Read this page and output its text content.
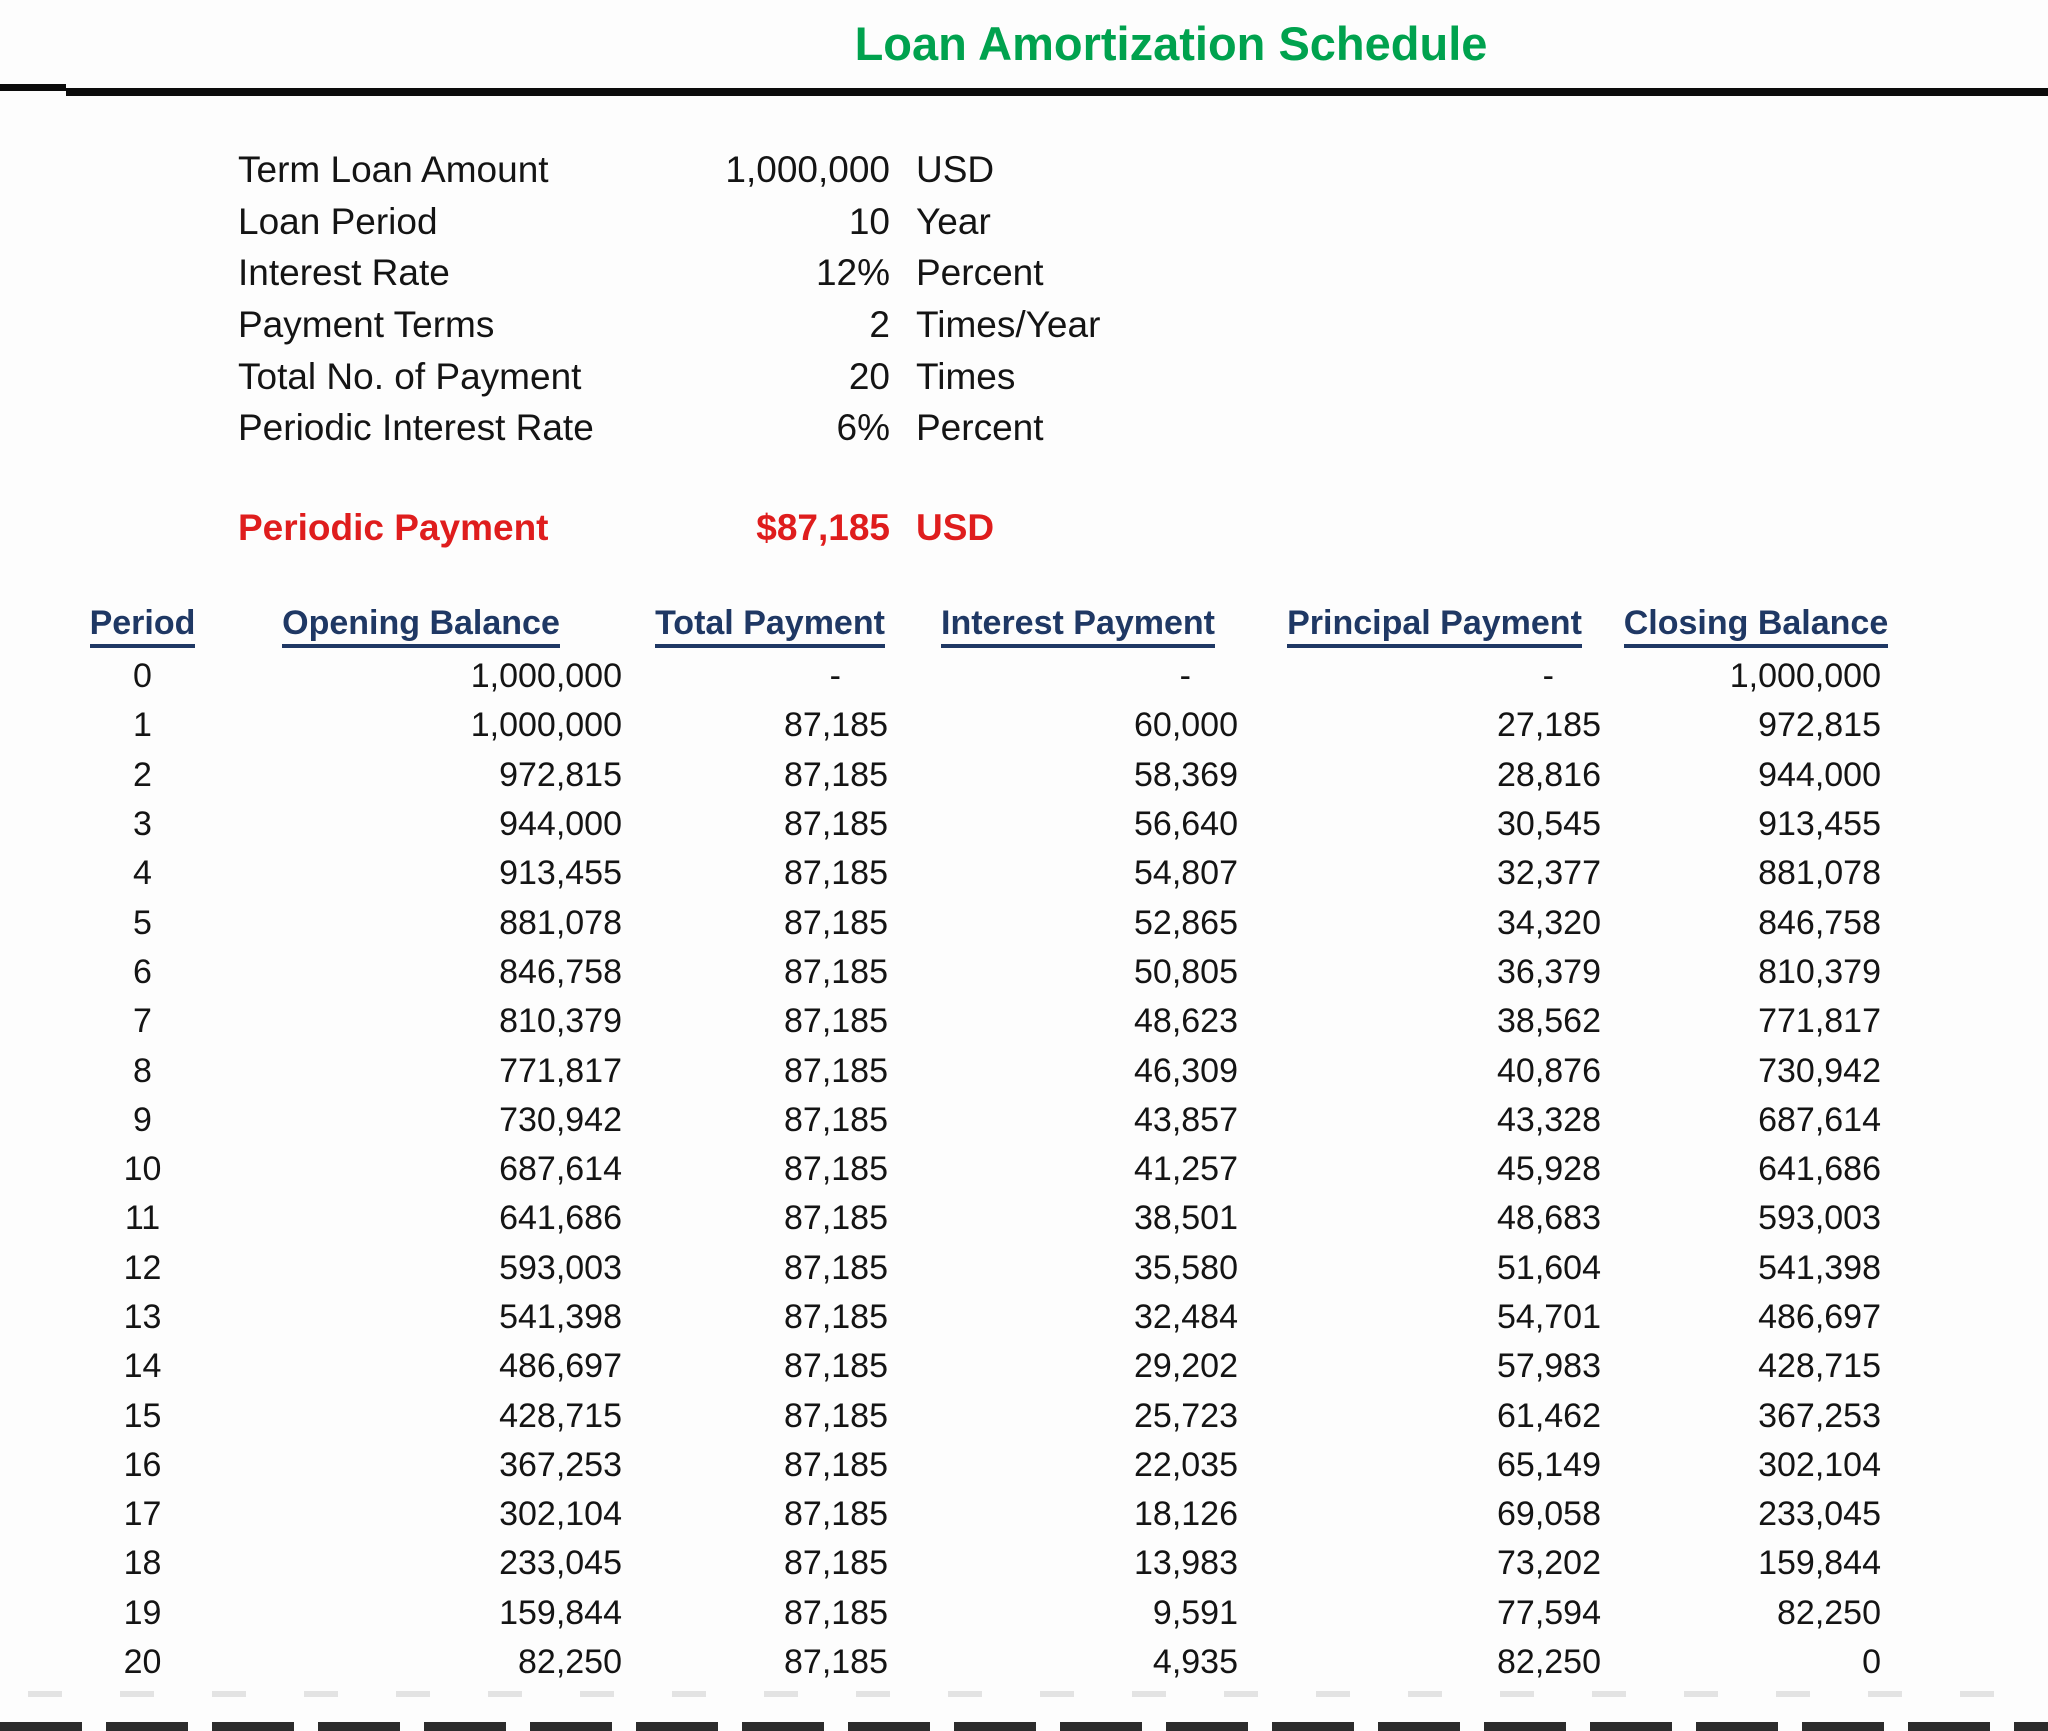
Loan Amortization Schedule
Term Loan Amount	1,000,000 USD
Loan Period	10 Year
Interest Rate	12% Percent
Payment Terms	2 Times/Year
Total No. of Payment	20 Times
Periodic Interest Rate	6% Percent
Periodic Payment	$87,185 USD
Period	Opening Balance	Total Payment	Interest Payment	Principal Payment	Closing Balance
0	1,000,000	-	-	-	1,000,000
1	1,000,000	87,185	60,000	27,185	972,815
2	972,815	87,185	58,369	28,816	944,000
3	944,000	87,185	56,640	30,545	913,455
4	913,455	87,185	54,807	32,377	881,078
5	881,078	87,185	52,865	34,320	846,758
6	846,758	87,185	50,805	36,379	810,379
7	810,379	87,185	48,623	38,562	771,817
8	771,817	87,185	46,309	40,876	730,942
9	730,942	87,185	43,857	43,328	687,614
10	687,614	87,185	41,257	45,928	641,686
11	641,686	87,185	38,501	48,683	593,003
12	593,003	87,185	35,580	51,604	541,398
13	541,398	87,185	32,484	54,701	486,697
14	486,697	87,185	29,202	57,983	428,715
15	428,715	87,185	25,723	61,462	367,253
16	367,253	87,185	22,035	65,149	302,104
17	302,104	87,185	18,126	69,058	233,045
18	233,045	87,185	13,983	73,202	159,844
19	159,844	87,185	9,591	77,594	82,250
20	82,250	87,185	4,935	82,250	0
